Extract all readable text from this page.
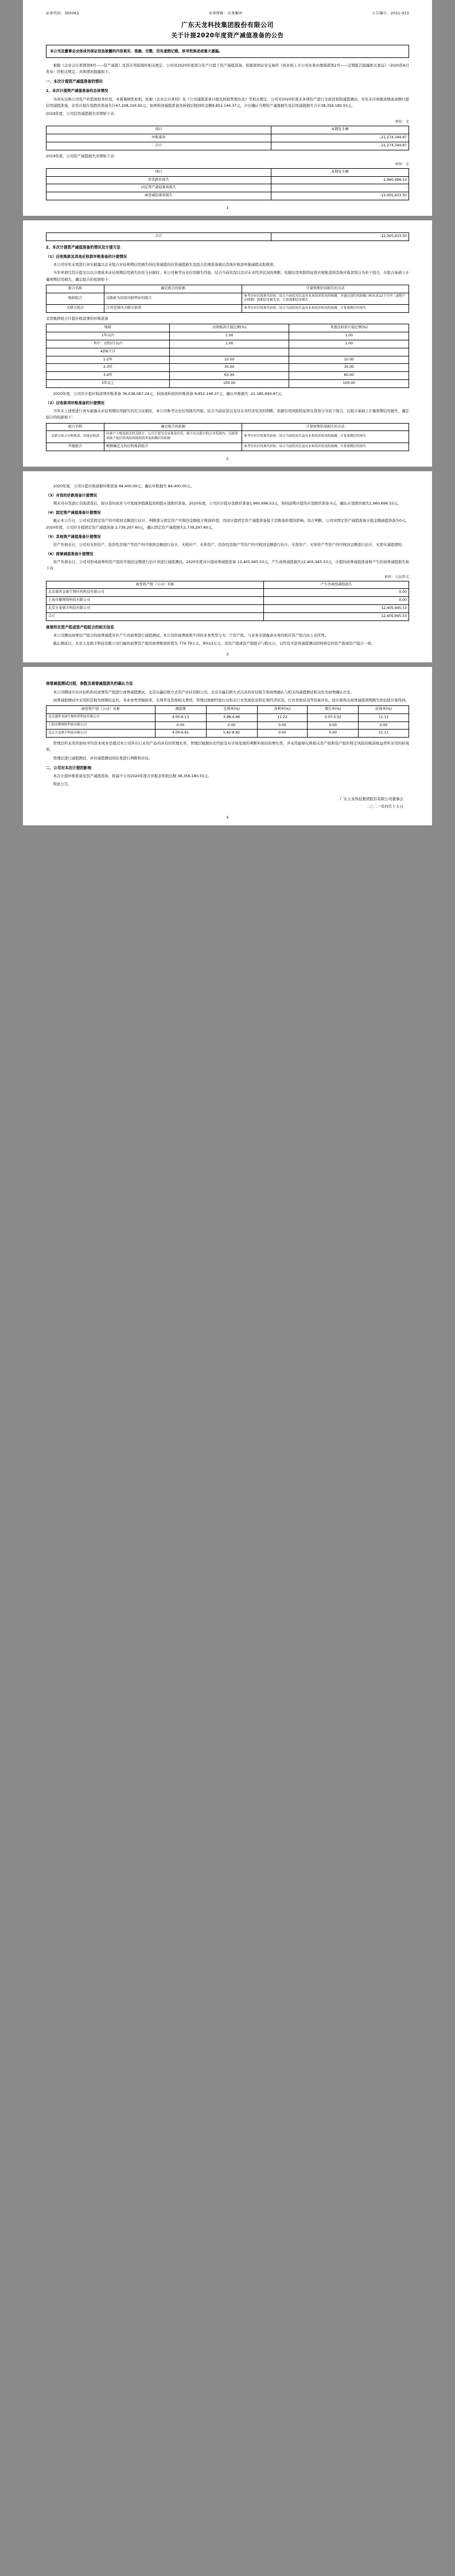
证券代码：300063	证券简称：天龙集团	公告编号：2021-023
广东天龙科技集团股份有限公司
关于计提2020年度资产减值准备的公告
本公司及董事会全体成员保证信息披露的内容真实、准确、完整，没有虚假记载、误导性陈述或重大遗漏。

根据《企业会计准则第8号——资产减值》及其应用指南的相关规定，公司对2020年度部分资产计提了资产减值准备。依据深圳证券交易所《创业板上市公司业务办理指南第2号——定期报告披露相关事宜》（2020年6月发布）的相关规定，具体情况披露如下。

一、本次计提资产减值准备的情况
1、本次计提资产减值准备的总体情况

为真实反映公司资产价值和财务状况，本着谨慎性原则，依据《企业会计准则》及《公司减值准备计提及核销管理办法》等相关规定，公司对2020年度末各项资产进行全面清查和减值测试，对年末应收账款账面余额计提信用减值准备，存货计提存货跌价准备共计47,208,326.92元；加预转回减值准备及转销后收回的金额8,852,146.37元，合计确认当期资产减值损失及信用减值损失合计38,356,180.55元。

2019年度，公司信用减值损失详情如下表：

单位：元
项目	本期发生额
坏账准备	-21,274,344.87
合计	-21,274,344.87

2019年度，公司资产减值损失详情如下表：

单位：元
项目	本期发生额
存货跌价损失	-1,960,496.53
固定资产减值准备损失	-
商誉减值准备损失	-12,005,933.50
1
合计	-12,005,933.50
2、本次计提资产减值准备的情况及计提方法
（1）应收账款及其他应收款坏账准备的计提情况

本公司对年末需进行真实披露以企业组合评估预期信用损失的信贷减值的信贷减值损失及组合范围准备做出其他应收款单独减值采取简述。

当年单项目其计提足以以合理成本评估预期信用损失的充分证据时，本公司参考历史信用损失经验，结合当前状况以及对未来经济状况的判断，依据信用风险特征将应收账款和其他应收款划分为若干组合，在组合基础上计量预期信用损失，确定组合的依据如下：

组合名称	确定组合的依据	计量预期信用损失的方法
账龄组合	以账龄为信用风险特征的组合	参考历史信用损失经验，结合当前状况以及对未来经济状况的预测，并通过违约风险敞口和未来12个月内（或整个存续期）预期信用损失率，计算预期信用损失
关联方组合	合并范围内关联方款项	参考历史信用损失经验，结合当前状况以及对未来经济状况的预测，计算预期信用损失

采用账龄组合计提应收款项的坏账准备

账龄	应收账款计提比例(%)	其他应收款计提比例(%)
1年以内	1.00	1.00
其中：1到3月以内	1.00	1.00
4到6个月		
1-2年	10.00	10.00
2-3年	30.00	30.00
3-4年	63.30	60.00
3年以上	100.00	100.00

2020年度，公司应计提应收款项坏账准备 36,038,087.24元，转回或转回的坏账准备 8,852,146.37元，确认坏账损失 -21,185,940.87元。

（2）应收款项坏账准备的计提情况

当年末上述需进行真实披露未评估预期信用损失的充分证据时，本公司参考历史信用损失经验，结合当前状况以及对未来经济状况的判断，依据信用风险特征将存货划分为若干组合，在组合基础上计量预期信用损失，确定组合的依据如下：

组合名称	确定组合的依据	计量预期信用损失的方法
关联方组合应收账款、其他应收款	向客户上级及相关的关联方，公司主要为交易现金出发，属于向关联方的合并范围内，关联款项属于低信用风险的债权债务及依赖信用依据	参考历史信用损失经验，结合当前状况以及对未来经济状况的预测，计算预期信用损失
其他组合	根据确定义的应收账款组合	参考历史信用损失经验，结合当前状况以及对未来经济状况的预测，计算预期信用损失
2

2020年度，公司计提应收票据坏账准备 84,400.00元，确认坏账损失 84,400.00元。

（3）存货的价跌准备计提情况

期末对存货进行全面清查后，按存货的成本与可变现净值孰低原则提存货跌价准备。2020年度，公司应计提存货跌价准备1,960,696.53元，转回前期计提的存货跌价准备 0元，确认存货跌价损失1,960,696.53元。

（4）固定资产减值准备计提情况

截止本公告日，公司对其固定资产的可收回金额进行估计，判断部分固定资产可收回金额低于账面价值，因而计提固定资产减值准备低于其账面价值的影响，综合判断，公司对固定资产减值准备计提金额减值准备为0元。2020年度，公司应计提固定资产减值准备 2,739,297.60元，确认固定资产减值损失2,739,297.60元。

（5）其他资产减值准备计提情况

资产负债表日，公司对无形资产、投资性房地产等资产的可收回金额进行估计，无相应产、无形资产、投资性房地产等资产的可收回金额进行估计，无需资产、无形资产等资产的可收回金额进行估计，无需实减值情形。

（6）商誉减值准备计提情况

资产负债表日，公司对形成商誉的资产组的可收回金额进行估计并进行减值测试。2020年度对计提商誉减值准备 12,405,945.53元，产生商誉减值损失12,405,945.53元，计提的商誉减值准备和产生的商誉减值损失如下表：

单位：人民币元
商誉资产组（公司）名称	产生的商誉减值损失
北京盛世金康生物医药科技有限公司	0.00
上海市聚网络科技有限公司	0.00
北京天龙鼎丰科技有限公司	12,405,945.53
合计	12,405,945.53
商誉所在资产组或资产组组合的相关信息

本公司测试商誉资产组合的商誉减值对应产生的商誉进行减值测试。本公司的商誉按照不同的业务类型分为二个资产组，与业务全部盈余业务的相应资产组合由上表所列。

截止测试日，北京天龙鼎丰科技有限公司归属的商誉资产组的商誉账面价值为 779.79万元，8%12万元，该资产组或资产组组合与购买日，以经有可获得减值测试的转移定的资产组或资产组合一致。

3
商誉减值测试过程、参数及商誉减值损失的确认方法

本公司聘请专业评估机构对商誉资产组进行商誉减值测试，北京众鑫信联方式资产评估有限公司。北京众鑫信联方式出具的评估报告和商誉确认与相关的减值测试相关的为商誉确认方法。

商誉减值测试中采用的其他为预期信息的，各业务类型模拟率，毛利率及其他相关费用，管理层根据经验行业相关行业发展状况和宏观经济状况、行业发展状况等因素评估，按计算得出商誉减值预期损失的估值计算得到。

商誉资产组（公司）名称	测算期	毛利率(%)	净利率(%)	增长率(%)	折现率(%)
北京盛世金康生物医药科技有限公司	4.00-6.13	3.98-4.86	11.22	3.07-5.52	11.11
上海市聚网络科技有限公司	0.00	0.00	0.00	0.00	0.00
北京天龙鼎丰科技有限公司	4.00-6.81	5.82-8.82	0.00	0.00	11.11

管理层所采用的加权平均资本成本是超过本公司所在行业的产品的具有的管理长率、管理层根据历史经验及对市场发展的判断所预估的增长率，并采用能够反映相关资产组和资产组的特定风险的税前收益率所采用的折现率。

管理层进行减值测试，并对减值测试的结果进行判断和评估。

二、公司对本次计提的影响

本次计提坏账准备及资产减值准备，将减少公司2020年度合并报表利润总额 38,356,180.55元。

特此公告。

广东天龙科技集团股份有限公司董事会
二〇二一年四月十五日
4
